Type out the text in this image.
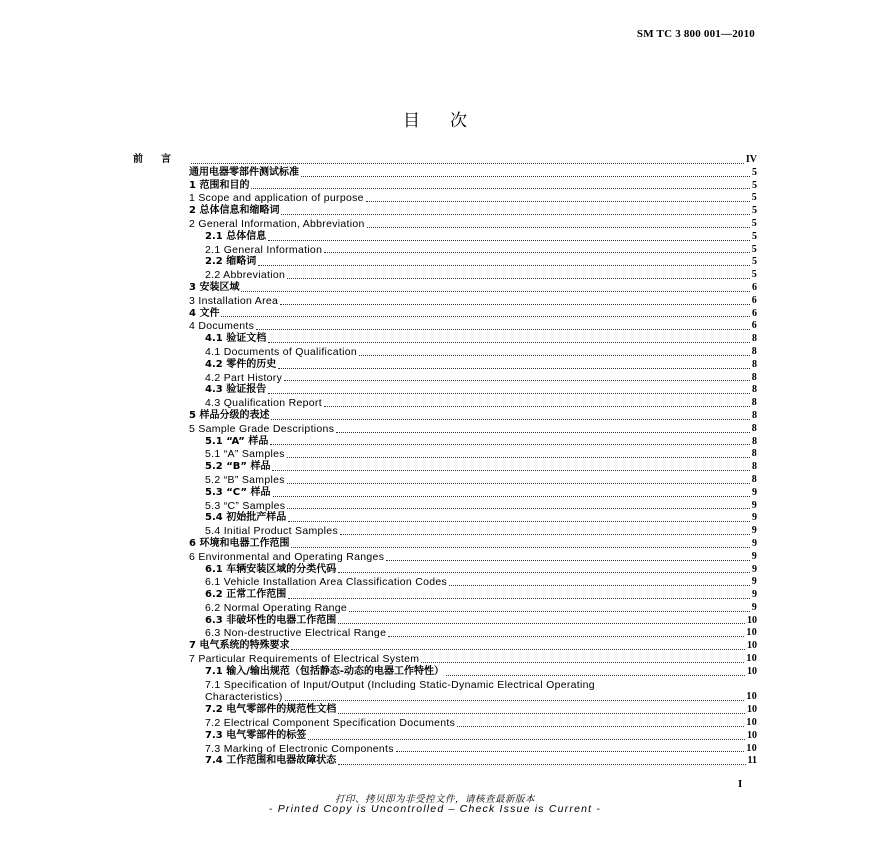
SM TC 3 800 001—2010
目次
前言	IV
通用电器零部件测试标准	5
1 范围和目的	5
1 Scope and application of purpose	5
2 总体信息和缩略词	5
2 General Information, Abbreviation	5
2.1 总体信息	5
2.1 General Information	5
2.2 缩略词	5
2.2 Abbreviation	5
3 安装区域	6
3 Installation Area	6
4 文件	6
4 Documents	6
4.1 验证文档	8
4.1 Documents of Qualification	8
4.2 零件的历史	8
4.2 Part History	8
4.3 验证报告	8
4.3 Qualification Report	8
5 样品分级的表述	8
5 Sample Grade Descriptions	8
5.1 “A” 样品	8
5.1 “A” Samples	8
5.2 “B” 样品	8
5.2 “B” Samples	8
5.3 “C” 样品	9
5.3 “C” Samples	9
5.4 初始批产样品	9
5.4 Initial Product Samples	9
6 环境和电器工作范围	9
6 Environmental and Operating Ranges	9
6.1 车辆安装区域的分类代码	9
6.1 Vehicle Installation Area Classification Codes	9
6.2 正常工作范围	9
6.2 Normal Operating Range	9
6.3 非破坏性的电器工作范围	10
6.3 Non-destructive Electrical Range	10
7 电气系统的特殊要求	10
7 Particular Requirements of Electrical System	10
7.1 输入/输出规范（包括静态-动态的电器工作特性）	10
7.1 Specification of Input/Output (Including Static-Dynamic Electrical Operating
Characteristics)	10
7.2 电气零部件的规范性文档	10
7.2 Electrical Component Specification Documents	10
7.3 电气零部件的标签	10
7.3 Marking of Electronic Components	10
7.4 工作范围和电器故障状态	11
I
打印、拷贝即为非受控文件，请核查最新版本
- Printed Copy is Uncontrolled – Check Issue is Current -
